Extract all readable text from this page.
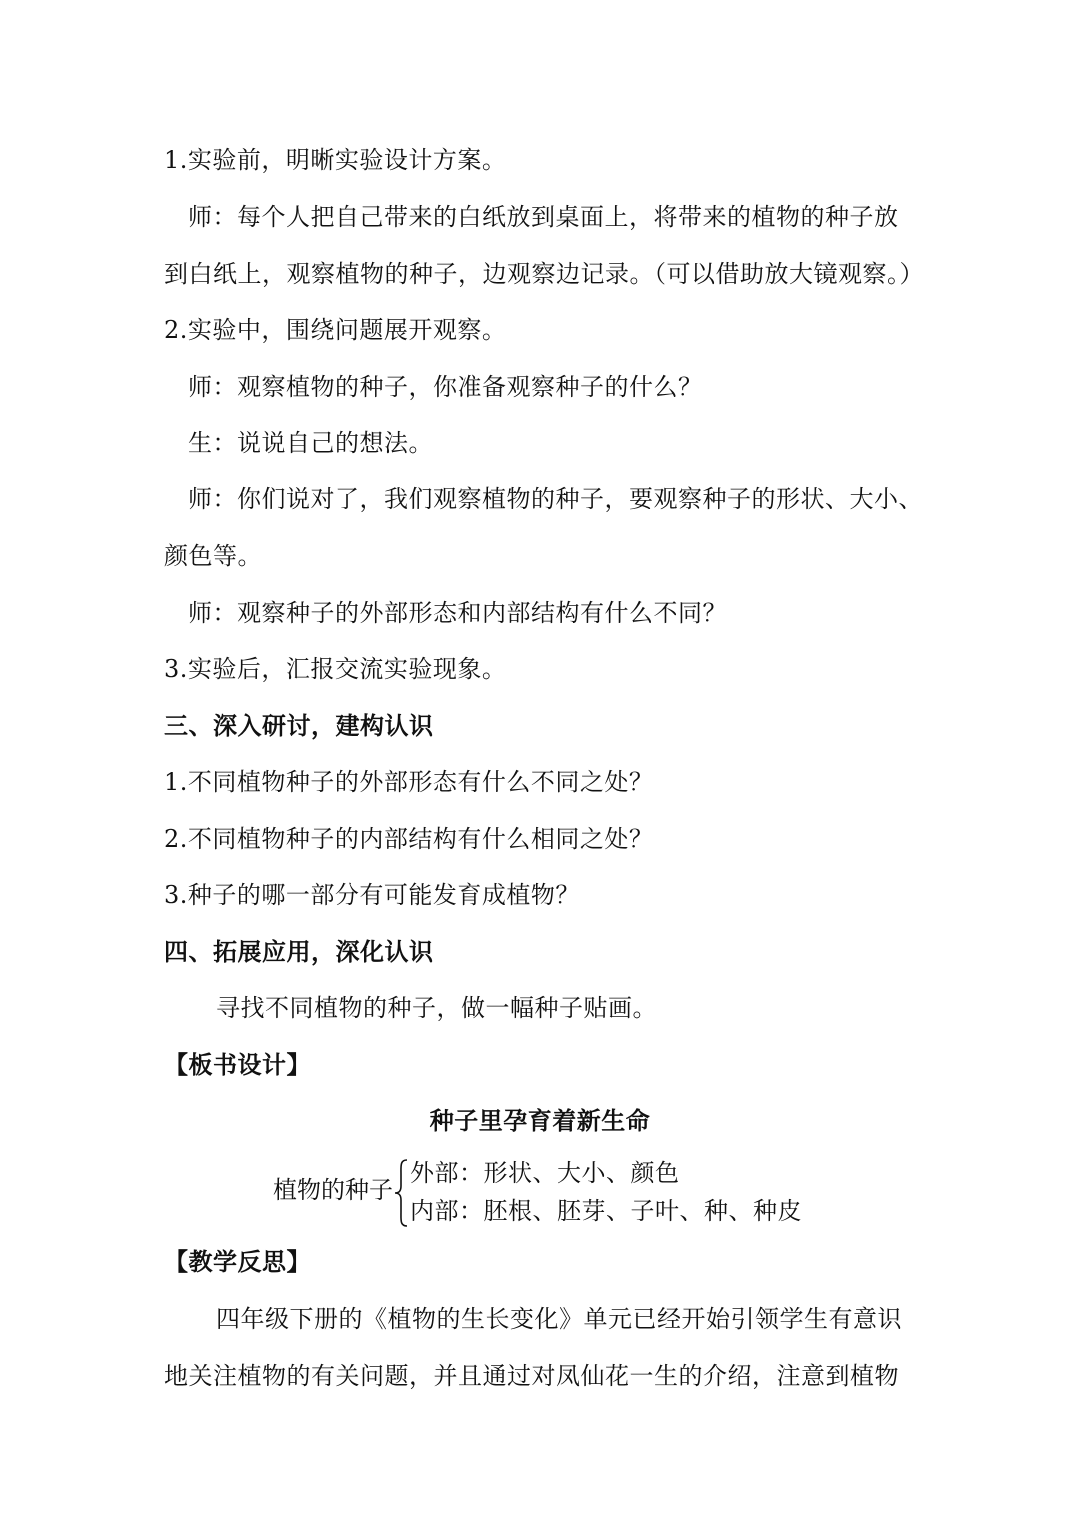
1.实验前，明晰实验设计方案。
师：每个人把自己带来的白纸放到桌面上，将带来的植物的种子放
到白纸上，观察植物的种子，边观察边记录。（可以借助放大镜观察。）
2.实验中，围绕问题展开观察。
师：观察植物的种子，你准备观察种子的什么？
生：说说自己的想法。
师：你们说对了，我们观察植物的种子，要观察种子的形状、大小、
颜色等。
师：观察种子的外部形态和内部结构有什么不同？
3.实验后，汇报交流实验现象。
三、深入研讨，建构认识
1.不同植物种子的外部形态有什么不同之处？
2.不同植物种子的内部结构有什么相同之处？
3.种子的哪一部分有可能发育成植物？
四、拓展应用，深化认识
寻找不同植物的种子，做一幅种子贴画。
【板书设计】
种子里孕育着新生命
植物的种子
外部：形状、大小、颜色
内部：胚根、胚芽、子叶、种、种皮
【教学反思】
四年级下册的《植物的生长变化》单元已经开始引领学生有意识
地关注植物的有关问题，并且通过对凤仙花一生的介绍，注意到植物
